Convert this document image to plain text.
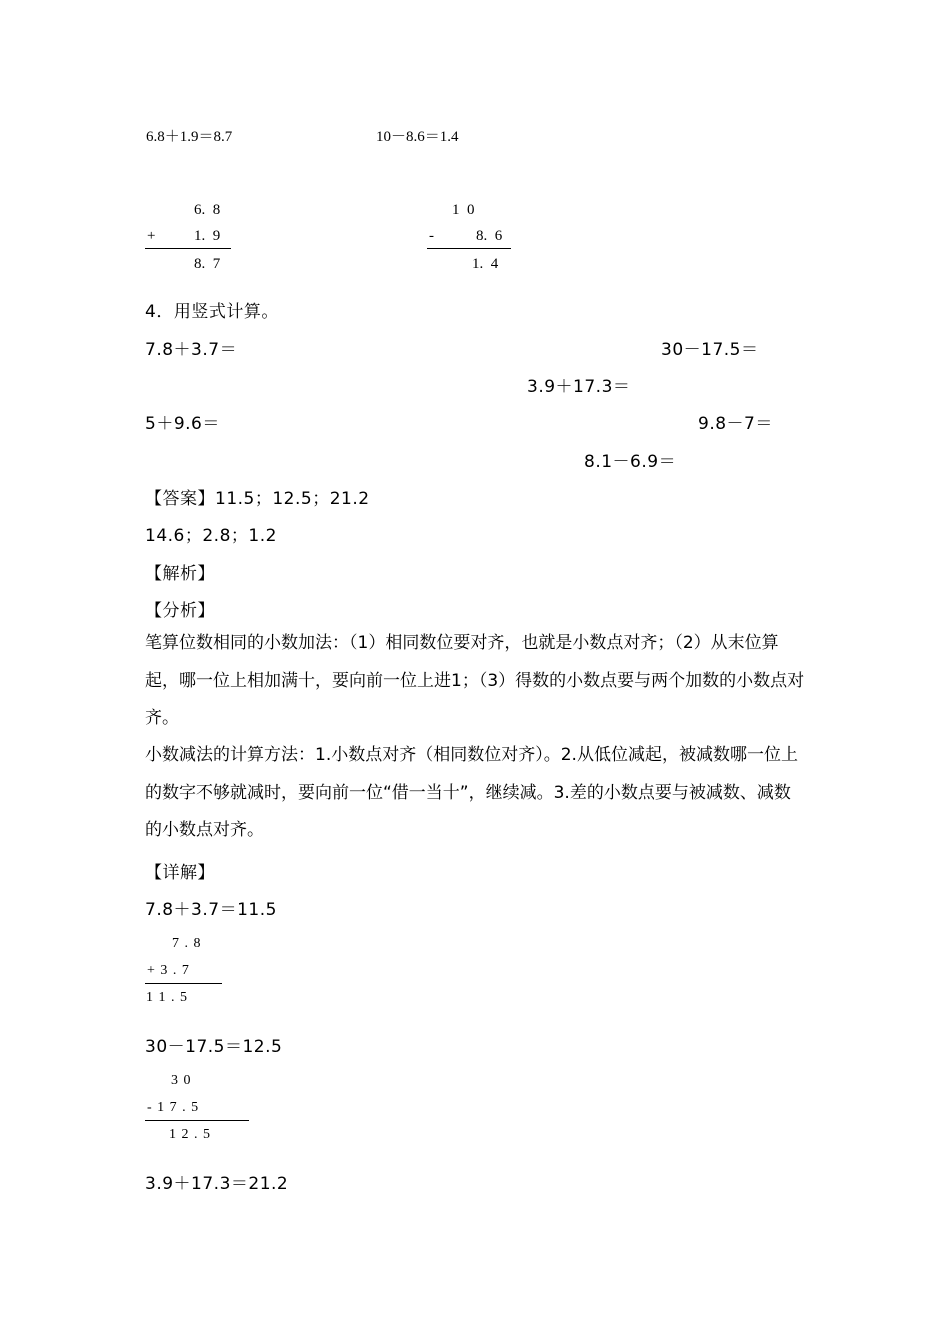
6.8＋1.9＝8.7	10－8.6＝1.4
6.  8
+	1.  9
8.  7
1  0
-	8.  6
1.  4
4．用竖式计算。
7.8＋3.7＝	30－17.5＝
3.9＋17.3＝
5＋9.6＝	9.8－7＝
8.1－6.9＝
【答案】11.5；12.5；21.2
14.6；2.8；1.2
【解析】
【分析】
笔算位数相同的小数加法：（1）相同数位要对齐，也就是小数点对齐；（2）从末位算起，哪一位上相加满十，要向前一位上进1；（3）得数的小数点要与两个加数的小数点对齐。
小数减法的计算方法：1.小数点对齐（相同数位对齐）。2.从低位减起，被减数哪一位上的数字不够就减时，要向前一位“借一当十”，继续减。3.差的小数点要与被减数、减数的小数点对齐。
【详解】
7.8＋3.7＝11.5
7 . 8
+ 3 . 7
1 1 . 5
30－17.5＝12.5
3 0
- 1 7 . 5
1 2 . 5
3.9＋17.3＝21.2
